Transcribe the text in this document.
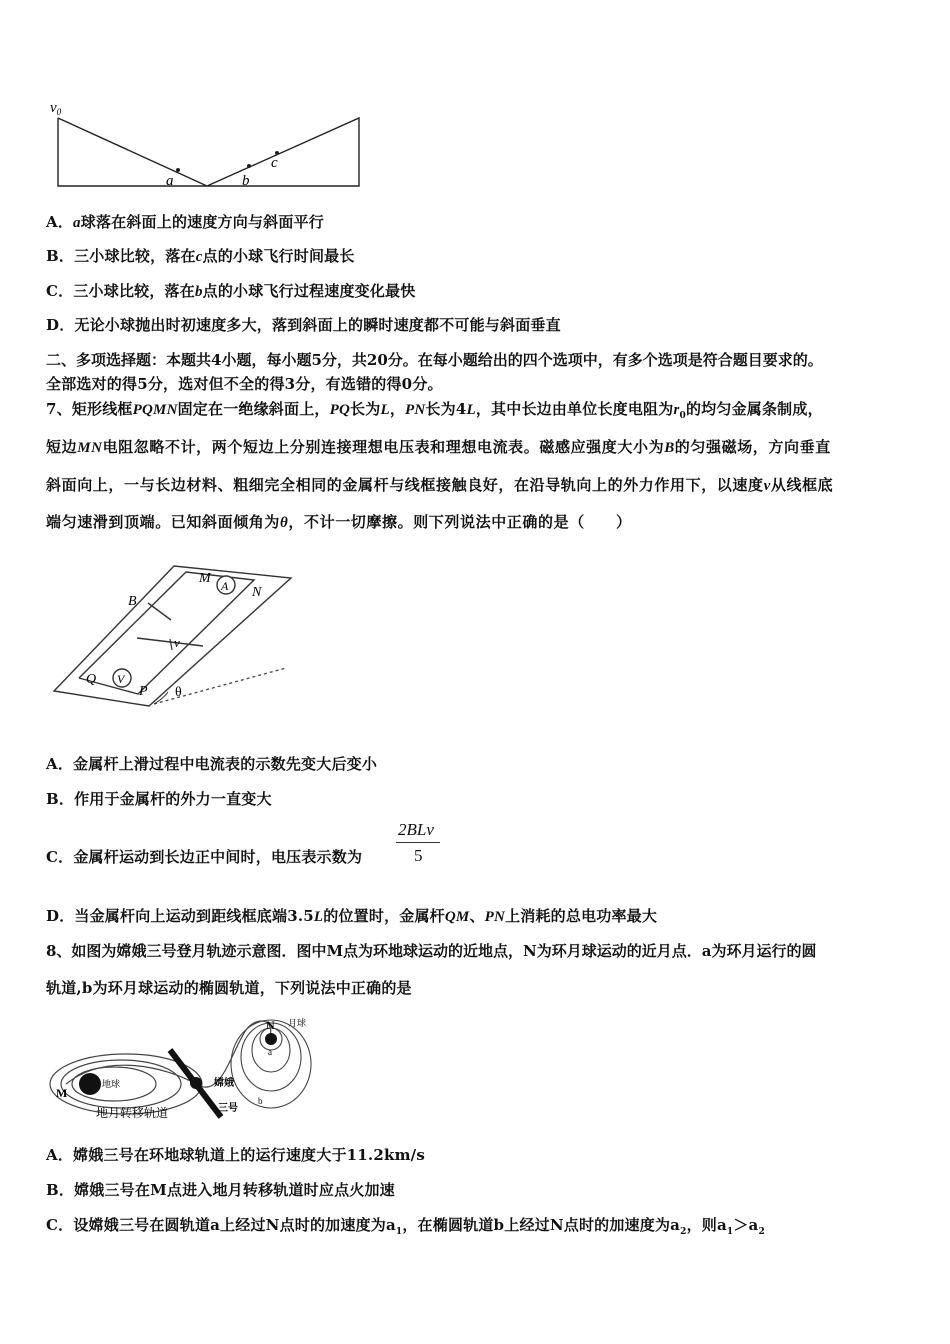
$v_0$
a	b
c
A．a球落在斜面上的速度方向与斜面平行
B．三小球比较，落在c点的小球飞行时间最长
C．三小球比较，落在b点的小球飞行过程速度变化最快
D．无论小球抛出时初速度多大，落到斜面上的瞬时速度都不可能与斜面垂直
二、多项选择题：本题共4小题，每小题5分，共20分。在每小题给出的四个选项中，有多个选项是符合题目要求的。
全部选对的得5分，选对但不全的得3分，有选错的得0分。
7、矩形线框PQMN固定在一绝缘斜面上，PQ长为L，PN长为4L，其中长边由单位长度电阻为$r_0$的均匀金属条制成，
短边MN电阻忽略不计，两个短边上分别连接理想电压表和理想电流表。磁感应强度大小为B的匀强磁场，方向垂直
斜面向上，一与长边材料、粗细完全相同的金属杆与线框接触良好，在沿导轨向上的外力作用下，以速度v从线框底
端匀速滑到顶端。已知斜面倾角为θ，不计一切摩擦。则下列说法中正确的是（　　）
M A N
B
v
Q V
P θ
A．金属杆上滑过程中电流表的示数先变大后变小
B．作用于金属杆的外力一直变大
C．金属杆运动到长边正中间时，电压表示数为
2BLv
5
D．当金属杆向上运动到距线框底端3.5L的位置时，金属杆QM、PN上消耗的总电功率最大
8、如图为嫦娥三号登月轨迹示意图．图中M点为环地球运动的近地点，N为环月球运动的近月点．a为环月运行的圆
轨道,b为环月球运动的椭圆轨道，下列说法中正确的是
M
地球
地月转移轨道
嫦娥
三号
N 月球
a
b
A．嫦娥三号在环地球轨道上的运行速度大于11.2km/s
B．嫦娥三号在M点进入地月转移轨道时应点火加速
C．设嫦娥三号在圆轨道a上经过N点时的加速度为$a_1$，在椭圆轨道b上经过N点时的加速度为$a_2$，则$a_1>a_2$
